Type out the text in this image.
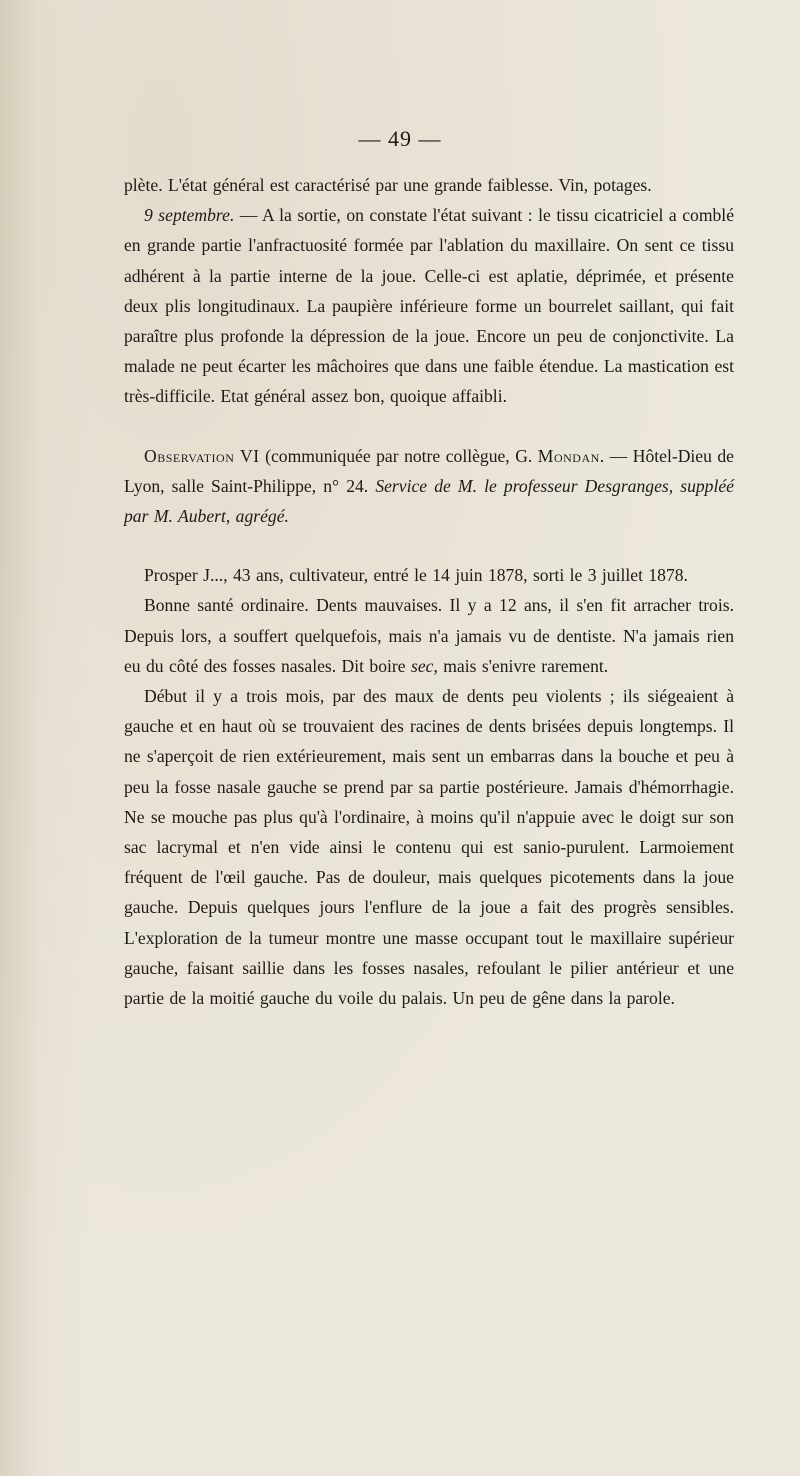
— 49 —

plète. L'état général est caractérisé par une grande faiblesse. Vin, potages.

9 septembre. — A la sortie, on constate l'état suivant : le tissu cicatriciel a comblé en grande partie l'anfractuosité formée par l'ablation du maxillaire. On sent ce tissu adhérent à la partie interne de la joue. Celle-ci est aplatie, déprimée, et présente deux plis longitudinaux. La paupière inférieure forme un bourrelet saillant, qui fait paraître plus profonde la dépression de la joue. Encore un peu de conjonctivite. La malade ne peut écarter les mâchoires que dans une faible étendue. La mastication est très-difficile. Etat général assez bon, quoique affaibli.

Observation VI (communiquée par notre collègue, G. Mondan. — Hôtel-Dieu de Lyon, salle Saint-Philippe, n° 24. Service de M. le professeur Desgranges, suppléé par M. Aubert, agrégé.

Prosper J..., 43 ans, cultivateur, entré le 14 juin 1878, sorti le 3 juillet 1878.

Bonne santé ordinaire. Dents mauvaises. Il y a 12 ans, il s'en fit arracher trois. Depuis lors, a souffert quelquefois, mais n'a jamais vu de dentiste. N'a jamais rien eu du côté des fosses nasales. Dit boire sec, mais s'enivre rarement.

Début il y a trois mois, par des maux de dents peu violents ; ils siégeaient à gauche et en haut où se trouvaient des racines de dents brisées depuis longtemps. Il ne s'aperçoit de rien extérieurement, mais sent un embarras dans la bouche et peu à peu la fosse nasale gauche se prend par sa partie postérieure. Jamais d'hémorrhagie. Ne se mouche pas plus qu'à l'ordinaire, à moins qu'il n'appuie avec le doigt sur son sac lacrymal et n'en vide ainsi le contenu qui est sanio-purulent. Larmoiement fréquent de l'œil gauche. Pas de douleur, mais quelques picotements dans la joue gauche. Depuis quelques jours l'enflure de la joue a fait des progrès sensibles. L'exploration de la tumeur montre une masse occupant tout le maxillaire supérieur gauche, faisant saillie dans les fosses nasales, refoulant le pilier antérieur et une partie de la moitié gauche du voile du palais. Un peu de gêne dans la parole.
